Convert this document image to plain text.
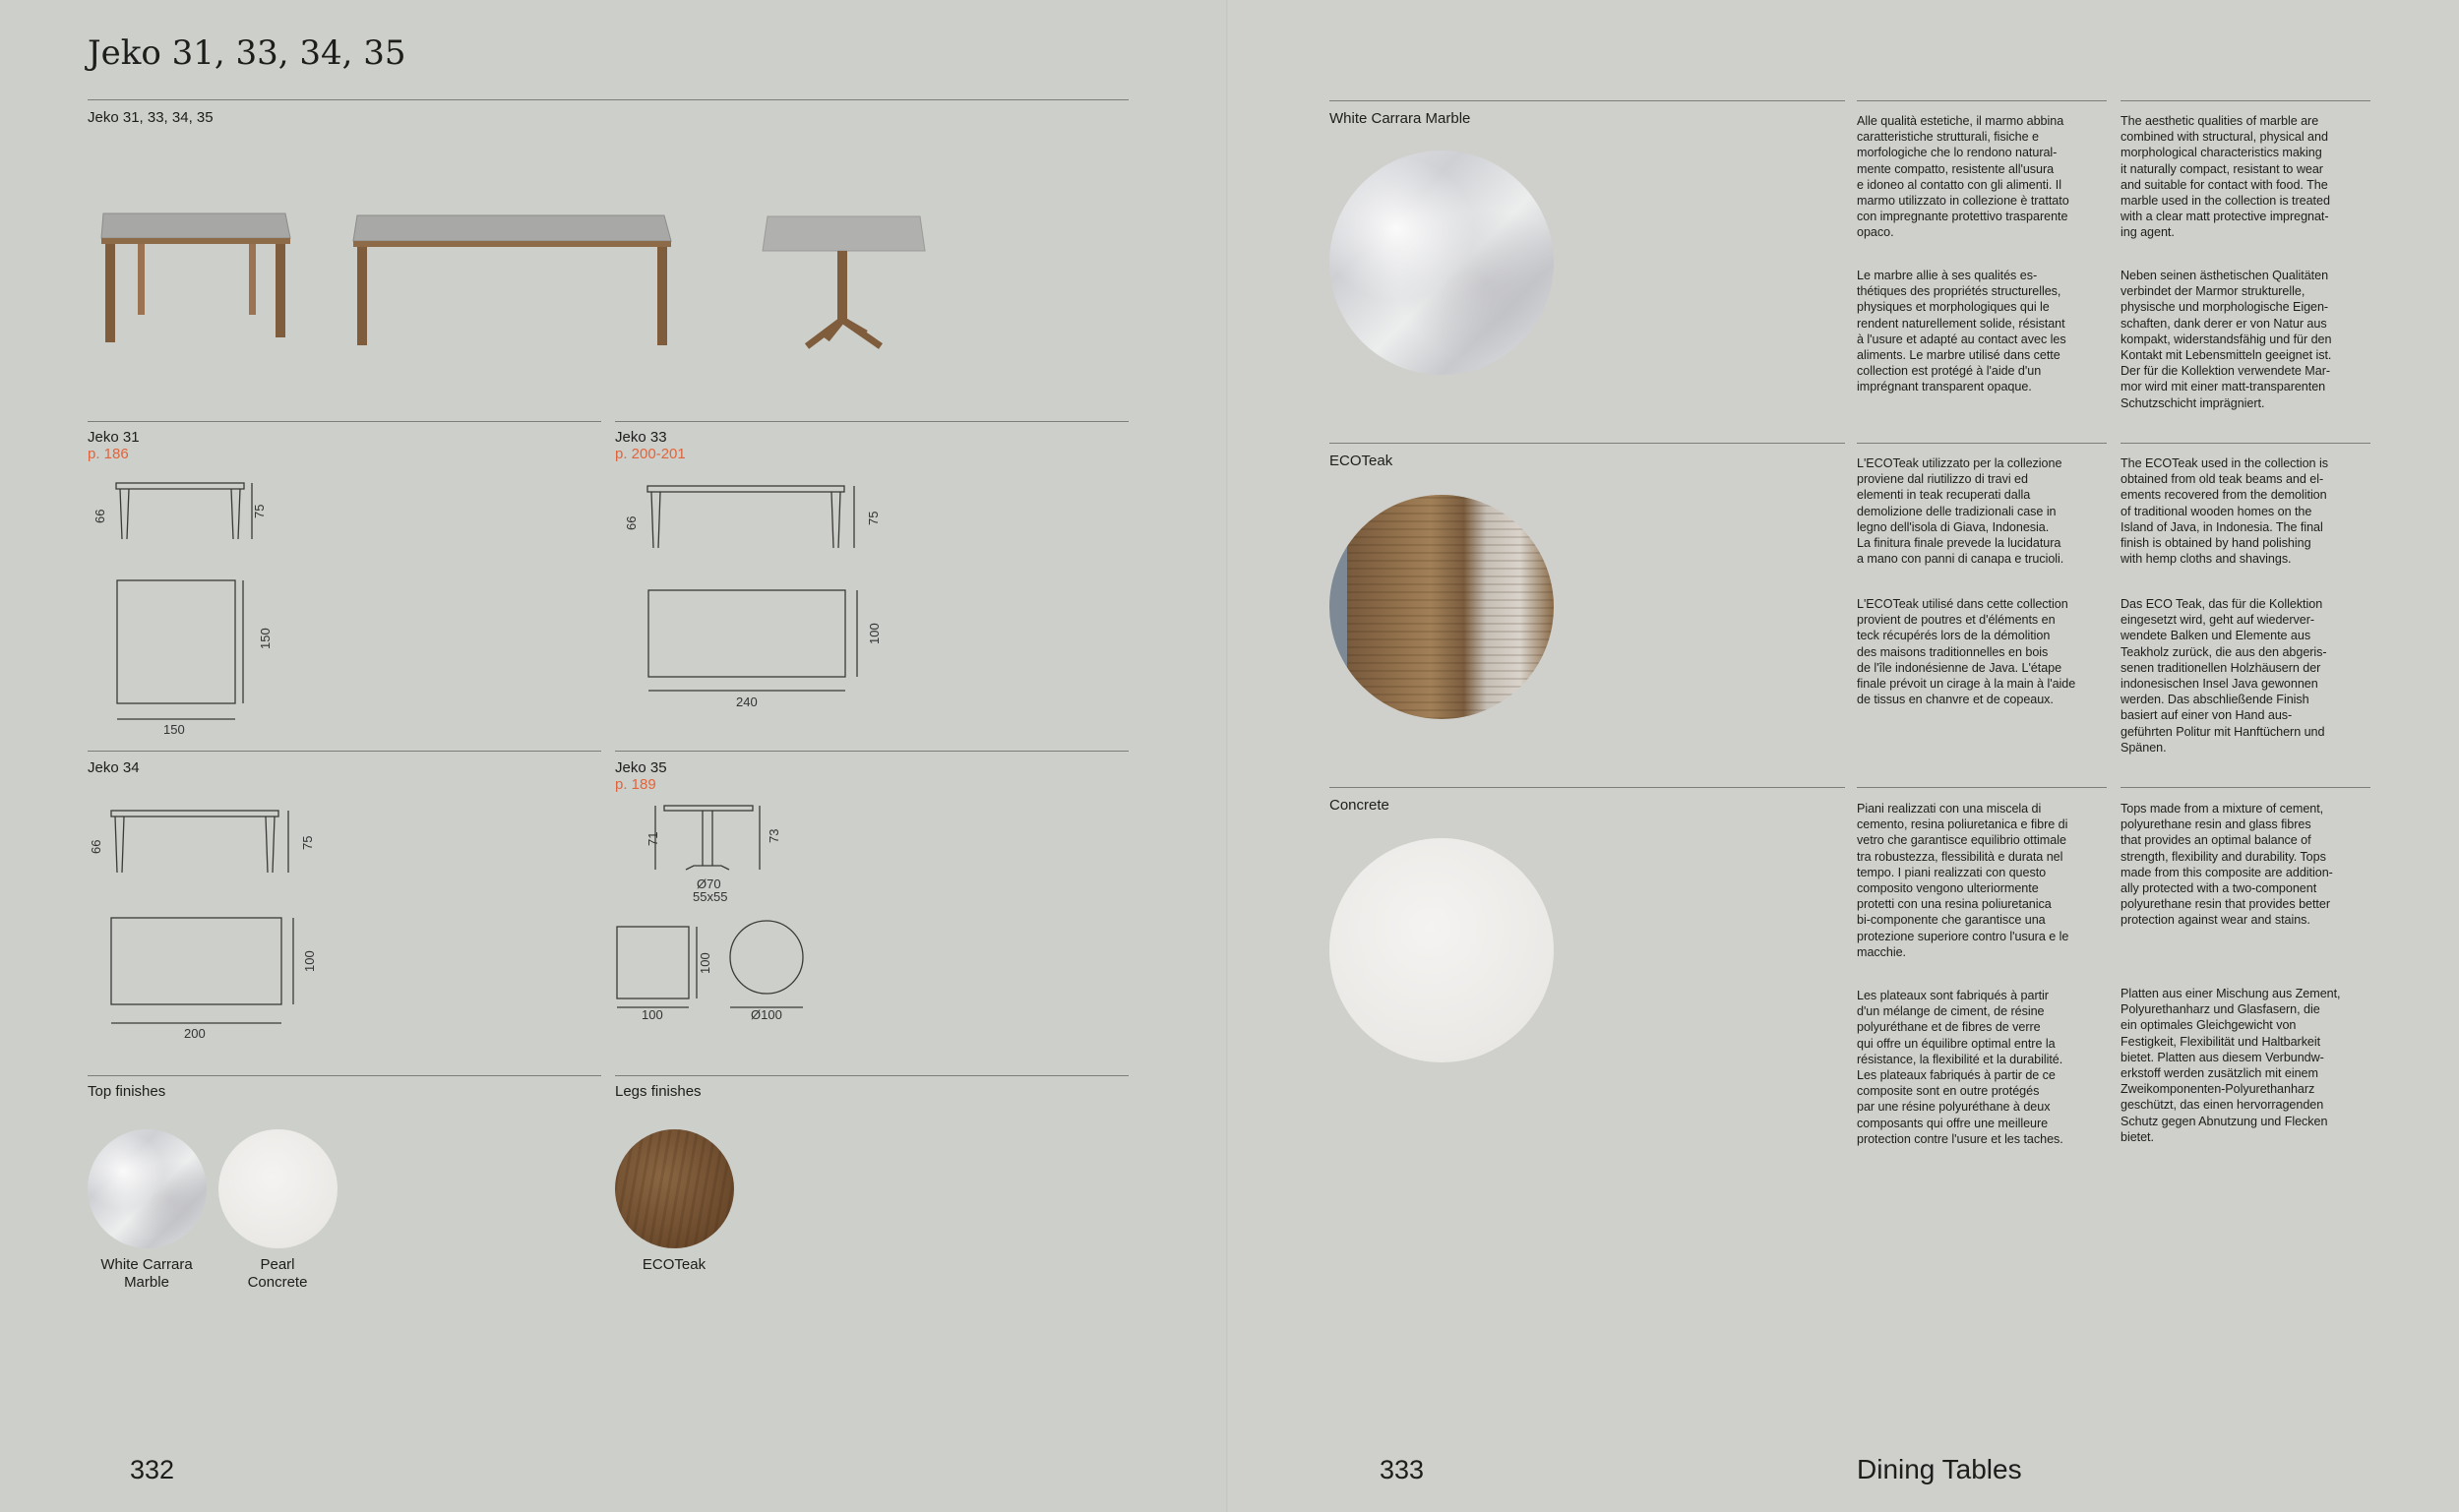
Jeko 31, 33, 34, 35
Jeko 31, 33, 34, 35
Jeko 31
p. 186
66	75
150
150
Jeko 33
p. 200-201
66	75
100
240
Jeko 34
66	75
100
200
Jeko 35
p. 189
71	73
Ø70
55x55
100
100	Ø100
Top finishes	Legs finishes
White Carrara
Marble
Pearl
Concrete
ECOTeak
332
White Carrara Marble	Alle qualità estetiche, il marmo abbina
caratteristiche strutturali, fisiche e
morfologiche che lo rendono natural-
mente compatto, resistente all'usura
e idoneo al contatto con gli alimenti. Il
marmo utilizzato in collezione è trattato
con impregnante protettivo trasparente
opaco.
The aesthetic qualities of marble are
combined with structural, physical and
morphological characteristics making
it naturally compact, resistant to wear
and suitable for contact with food. The
marble used in the collection is treated
with a clear matt protective impregnat-
ing agent.
Le marbre allie à ses qualités es-
thétiques des propriétés structurelles,
physiques et morphologiques qui le
rendent naturellement solide, résistant
à l'usure et adapté au contact avec les
aliments. Le marbre utilisé dans cette
collection est protégé à l'aide d'un
imprégnant transparent opaque.
Neben seinen ästhetischen Qualitäten
verbindet der Marmor strukturelle,
physische und morphologische Eigen-
schaften, dank derer er von Natur aus
kompakt, widerstandsfähig und für den
Kontakt mit Lebensmitteln geeignet ist.
Der für die Kollektion verwendete Mar-
mor wird mit einer matt-transparenten
Schutzschicht imprägniert.
ECOTeak	L'ECOTeak utilizzato per la collezione
proviene dal riutilizzo di travi ed
elementi in teak recuperati dalla
demolizione delle tradizionali case in
legno dell'isola di Giava, Indonesia.
La finitura finale prevede la lucidatura
a mano con panni di canapa e trucioli.
The ECOTeak used in the collection is
obtained from old teak beams and el-
ements recovered from the demolition
of traditional wooden homes on the
Island of Java, in Indonesia. The final
finish is obtained by hand polishing
with hemp cloths and shavings.
L'ECOTeak utilisé dans cette collection
provient de poutres et d'éléments en
teck récupérés lors de la démolition
des maisons traditionnelles en bois
de l'île indonésienne de Java. L'étape
finale prévoit un cirage à la main à l'aide
de tissus en chanvre et de copeaux.
Das ECO Teak, das für die Kollektion
eingesetzt wird, geht auf wiederver-
wendete Balken und Elemente aus
Teakholz zurück, die aus den abgeris-
senen traditionellen Holzhäusern der
indonesischen Insel Java gewonnen
werden. Das abschließende Finish
basiert auf einer von Hand aus-
geführten Politur mit Hanftüchern und
Spänen.
Concrete	Piani realizzati con una miscela di
cemento, resina poliuretanica e fibre di
vetro che garantisce equilibrio ottimale
tra robustezza, flessibilità e durata nel
tempo. I piani realizzati con questo
composito vengono ulteriormente
protetti con una resina poliuretanica
bi-componente che garantisce una
protezione superiore contro l'usura e le
macchie.
Tops made from a mixture of cement,
polyurethane resin and glass fibres
that provides an optimal balance of
strength, flexibility and durability. Tops
made from this composite are addition-
ally protected with a two-component
polyurethane resin that provides better
protection against wear and stains.
Les plateaux sont fabriqués à partir
d'un mélange de ciment, de résine
polyuréthane et de fibres de verre
qui offre un équilibre optimal entre la
résistance, la flexibilité et la durabilité.
Les plateaux fabriqués à partir de ce
composite sont en outre protégés
par une résine polyuréthane à deux
composants qui offre une meilleure
protection contre l'usure et les taches.
Platten aus einer Mischung aus Zement,
Polyurethanharz und Glasfasern, die
ein optimales Gleichgewicht von
Festigkeit, Flexibilität und Haltbarkeit
bietet. Platten aus diesem Verbundw-
erkstoff werden zusätzlich mit einem
Zweikomponenten-Polyurethanharz
geschützt, das einen hervorragenden
Schutz gegen Abnutzung und Flecken
bietet.
333	Dining Tables
